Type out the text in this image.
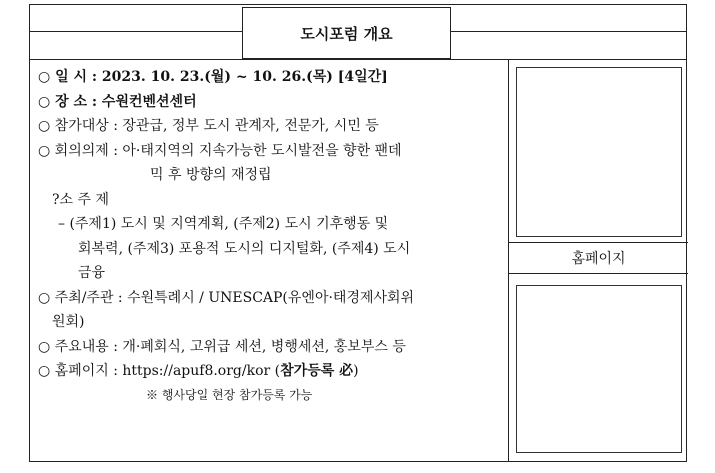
도시포럼 개요
○ 일 시 : 2023. 10. 23.(월) ~ 10. 26.(목) [4일간]
○ 장 소 : 수원컨벤션센터
○ 참가대상 : 장관급, 정부 도시 관계자, 전문가, 시민 등
○ 회의의제 : 아·태지역의 지속가능한 도시발전을 향한 팬데
믹 후 방향의 재정립
?소 주 제
– (주제1) 도시 및 지역계획, (주제2) 도시 기후행동 및
회복력, (주제3) 포용적 도시의 디지털화, (주제4) 도시
금융
○ 주최/주관 : 수원특례시 / UNESCAP(유엔아·태경제사회위
원회)
○ 주요내용 : 개·폐회식, 고위급 세션, 병행세션, 홍보부스 등
○ 홈페이지 : https://apuf8.org/kor (참가등록 必)
※ 행사당일 현장 참가등록 가능
홈페이지
